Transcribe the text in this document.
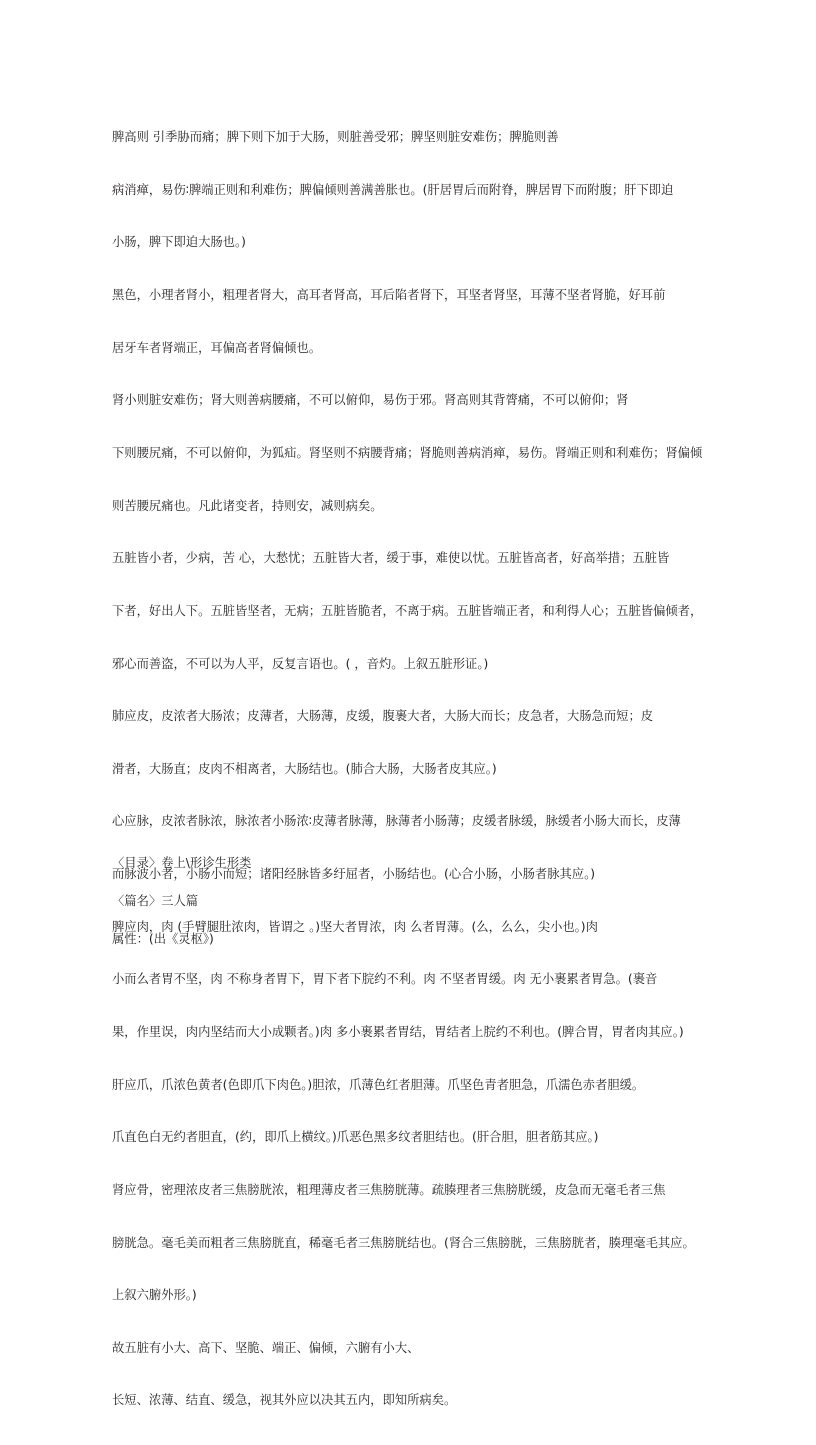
脾高则 引季胁而痛；脾下则下加于大肠，则脏善受邪；脾坚则脏安难伤；脾脆则善

病消瘅，易伤∶脾端正则和利难伤；脾偏倾则善满善胀也。(肝居胃后而附脊，脾居胃下而附腹；肝下即迫

小肠，脾下即迫大肠也。)

黑色，小理者肾小，粗理者肾大，高耳者肾高，耳后陷者肾下，耳坚者肾坚，耳薄不坚者肾脆，好耳前

居牙车者肾端正，耳偏高者肾偏倾也。

肾小则脏安难伤；肾大则善病腰痛，不可以俯仰，易伤于邪。肾高则其背膂痛，不可以俯仰；肾

下则腰尻痛，不可以俯仰，为狐疝。肾坚则不病腰背痛；肾脆则善病消瘅，易伤。肾端正则和利难伤；肾偏倾

则苦腰尻痛也。凡此诸变者，持则安，减则病矣。

五脏皆小者，少病，苦 心，大愁忧；五脏皆大者，缓于事，难使以忧。五脏皆高者，好高举措；五脏皆

下者，好出人下。五脏皆坚者，无病；五脏皆脆者，不离于病。五脏皆端正者，和利得人心；五脏皆偏倾者，

邪心而善盗，不可以为人平，反复言语也。( ，音灼。上叙五脏形证。)

肺应皮，皮浓者大肠浓；皮薄者，大肠薄，皮缓，腹裹大者，大肠大而长；皮急者，大肠急而短；皮

滑者，大肠直；皮肉不相离者，大肠结也。(肺合大肠，大肠者皮其应。)

心应脉，皮浓者脉浓，脉浓者小肠浓∶皮薄者脉薄，脉薄者小肠薄；皮缓者脉缓，脉缓者小肠大而长，皮薄

而脉波小者，小肠小而短；诸阳经脉皆多纡屈者，小肠结也。(心合小肠，小肠者脉其应。)

脾应肉，肉 (手臂腿肚浓肉，皆谓之 。)坚大者胃浓，肉 么者胃薄。(么，么么，尖小也。)肉

小而么者胃不坚，肉 不称身者胃下，胃下者下脘约不利。肉 不坚者胃缓。肉 无小裹累者胃急。(裹音

果，作里误，肉内坚结而大小成颗者。)肉 多小裹累者胃结，胃结者上脘约不利也。(脾合胃，胃者肉其应。)

肝应爪，爪浓色黄者(色即爪下肉色。)胆浓，爪薄色红者胆薄。爪坚色青者胆急，爪濡色赤者胆缓。

爪直色白无约者胆直，(约，即爪上横纹。)爪恶色黑多纹者胆结也。(肝合胆，胆者筋其应。)

肾应骨，密理浓皮者三焦膀胱浓，粗理薄皮者三焦膀胱薄。疏腠理者三焦膀胱缓，皮急而无毫毛者三焦

膀胱急。毫毛美而粗者三焦膀胱直，稀毫毛者三焦膀胱结也。(肾合三焦膀胱，三焦膀胱者，腠理毫毛其应。

上叙六腑外形。)

故五脏有小大、高下、坚脆、端正、偏倾，六腑有小大、

长短、浓薄、结直、缓急，视其外应以决其五内，即知所病矣。

〈目录〉卷上\形诊生形类

〈篇名〉三人篇

属性：(出《灵枢》)
